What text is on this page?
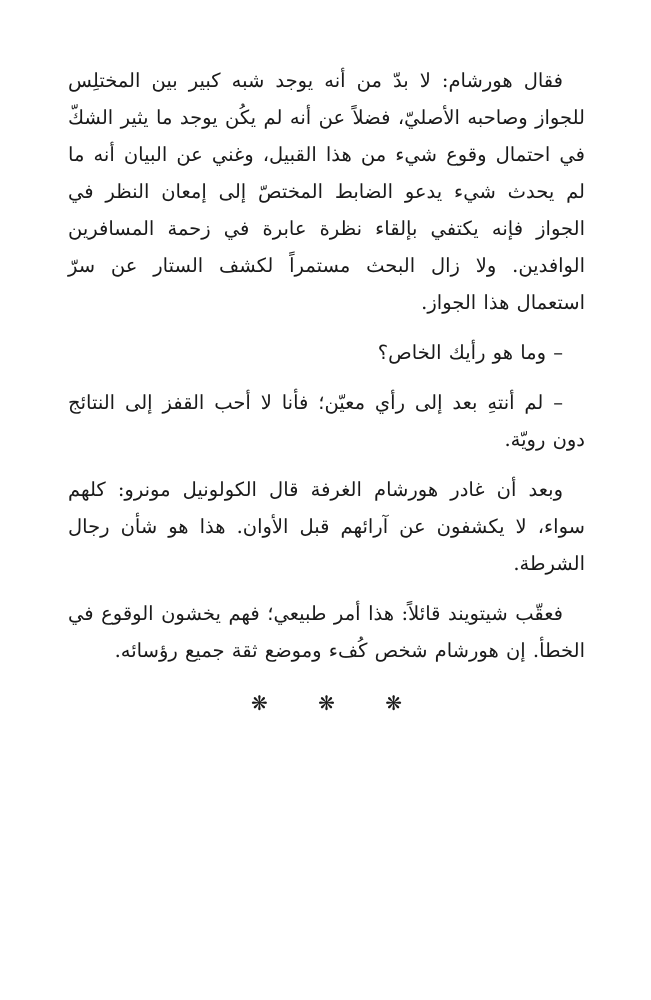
فقال هورشام: لا بدّ من أنه يوجد شبه كبير بين المختلِس للجواز وصاحبه الأصليّ، فضلاً عن أنه لم يكُن يوجد ما يثير الشكّ في احتمال وقوع شيء من هذا القبيل، وغني عن البيان أنه ما لم يحدث شيء يدعو الضابط المختصّ إلى إمعان النظر في الجواز فإنه يكتفي بإلقاء نظرة عابرة في زحمة المسافرين الوافدين. ولا زال البحث مستمراً لكشف الستار عن سرّ استعمال هذا الجواز.

– وما هو رأيك الخاص؟

– لم أنتهِ بعد إلى رأي معيّن؛ فأنا لا أحب القفز إلى النتائج دون رويّة.

وبعد أن غادر هورشام الغرفة قال الكولونيل مونرو: كلهم سواء، لا يكشفون عن آرائهم قبل الأوان. هذا هو شأن رجال الشرطة.

فعقّب شيتويند قائلاً: هذا أمر طبيعي؛ فهم يخشون الوقوع في الخطأ. إن هورشام شخص كُفء وموضع ثقة جميع رؤسائه.

❋ ❋ ❋
